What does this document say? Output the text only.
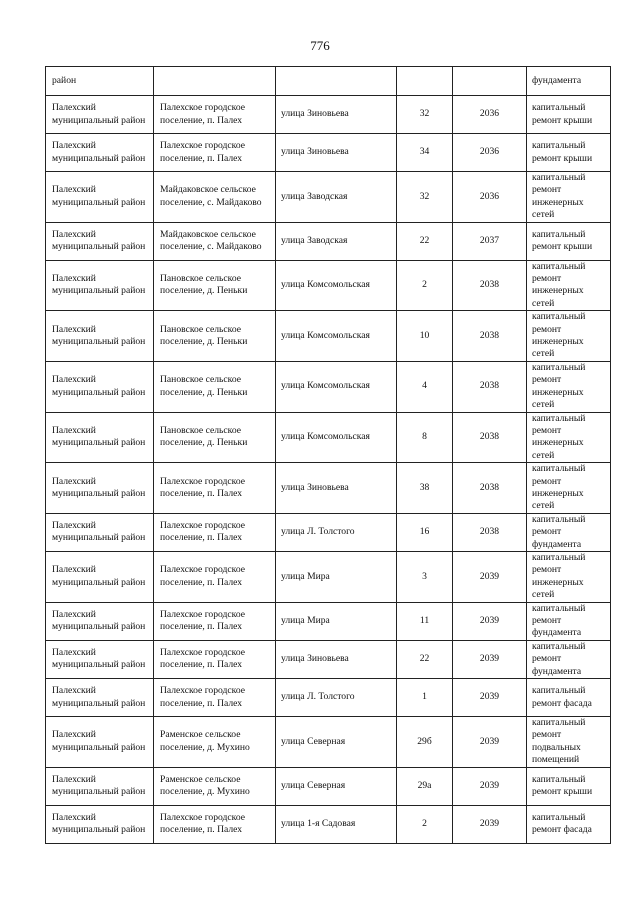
776
район					фундамента
Палехский муниципальный район	Палехское городское поселение, п. Палех	улица Зиновьева	32	2036	капитальный ремонт крыши
Палехский муниципальный район	Палехское городское поселение, п. Палех	улица Зиновьева	34	2036	капитальный ремонт крыши
Палехский муниципальный район	Майдаковское сельское поселение, с. Майдаково	улица Заводская	32	2036	капитальный ремонт инженерных сетей
Палехский муниципальный район	Майдаковское сельское поселение, с. Майдаково	улица Заводская	22	2037	капитальный ремонт крыши
Палехский муниципальный район	Пановское сельское поселение, д. Пеньки	улица Комсомольская	2	2038	капитальный ремонт инженерных сетей
Палехский муниципальный район	Пановское сельское поселение, д. Пеньки	улица Комсомольская	10	2038	капитальный ремонт инженерных сетей
Палехский муниципальный район	Пановское сельское поселение, д. Пеньки	улица Комсомольская	4	2038	капитальный ремонт инженерных сетей
Палехский муниципальный район	Пановское сельское поселение, д. Пеньки	улица Комсомольская	8	2038	капитальный ремонт инженерных сетей
Палехский муниципальный район	Палехское городское поселение, п. Палех	улица Зиновьева	38	2038	капитальный ремонт инженерных сетей
Палехский муниципальный район	Палехское городское поселение, п. Палех	улица Л. Толстого	16	2038	капитальный ремонт фундамента
Палехский муниципальный район	Палехское городское поселение, п. Палех	улица Мира	3	2039	капитальный ремонт инженерных сетей
Палехский муниципальный район	Палехское городское поселение, п. Палех	улица Мира	11	2039	капитальный ремонт фундамента
Палехский муниципальный район	Палехское городское поселение, п. Палех	улица Зиновьева	22	2039	капитальный ремонт фундамента
Палехский муниципальный район	Палехское городское поселение, п. Палех	улица Л. Толстого	1	2039	капитальный ремонт фасада
Палехский муниципальный район	Раменское сельское поселение, д. Мухино	улица Северная	29б	2039	капитальный ремонт подвальных помещений
Палехский муниципальный район	Раменское сельское поселение, д. Мухино	улица Северная	29а	2039	капитальный ремонт крыши
Палехский муниципальный район	Палехское городское поселение, п. Палех	улица 1-я Садовая	2	2039	капитальный ремонт фасада
